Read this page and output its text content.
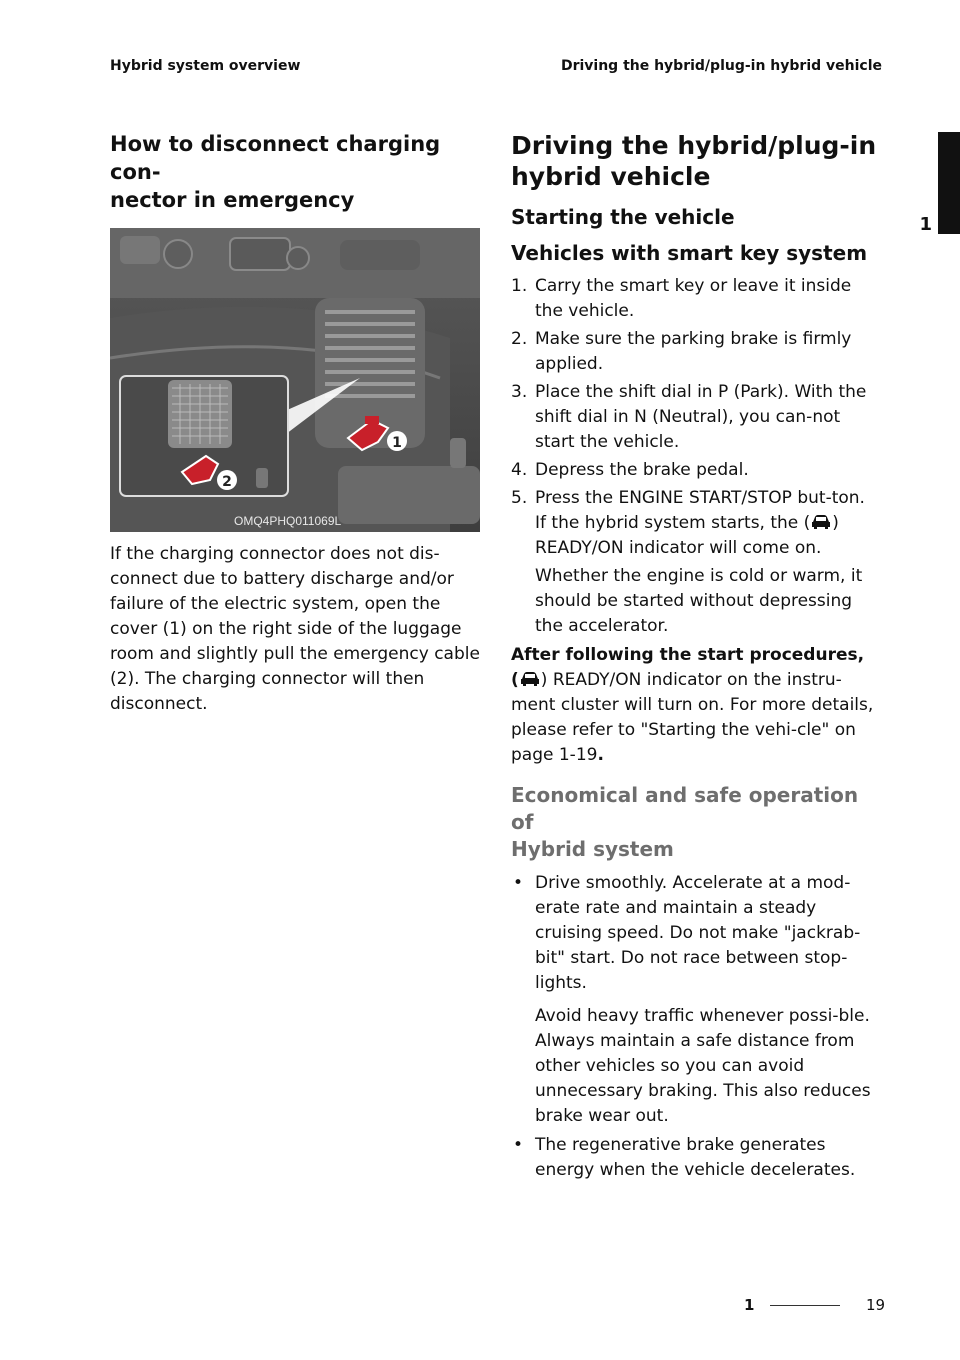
Hybrid system overview	Driving the hybrid/plug-in hybrid vehicle
1
How to disconnect charging con-
nector in emergency
1
2
OMQ4PHQ011069L

If the charging connector does not dis-connect due to battery discharge and/or failure of the electric system, open the cover (1) on the right side of the luggage room and slightly pull the emergency cable (2). The charging connector will then disconnect.

Driving the hybrid/plug-in
hybrid vehicle
Starting the vehicle
Vehicles with smart key system
1. Carry the smart key or leave it inside the vehicle.
2. Make sure the parking brake is firmly applied.
3. Place the shift dial in P (Park). With the shift dial in N (Neutral), you can-not start the vehicle.
4. Depress the brake pedal.
5. Press the ENGINE START/STOP but-ton. If the hybrid system starts, the ( ) READY/ON indicator will come on.

Whether the engine is cold or warm, it should be started without depressing the accelerator.

After following the start procedures,
( ) READY/ON indicator on the instru-ment cluster will turn on. For more details, please refer to "Starting the vehi-cle" on page 1-19.

Economical and safe operation of
Hybrid system
• Drive smoothly. Accelerate at a mod-erate rate and maintain a steady cruising speed. Do not make "jackrab-bit" start. Do not race between stop-lights.
Avoid heavy traffic whenever possi-ble. Always maintain a safe distance from other vehicles so you can avoid unnecessary braking. This also reduces brake wear out.
• The regenerative brake generates energy when the vehicle decelerates.
1	19
